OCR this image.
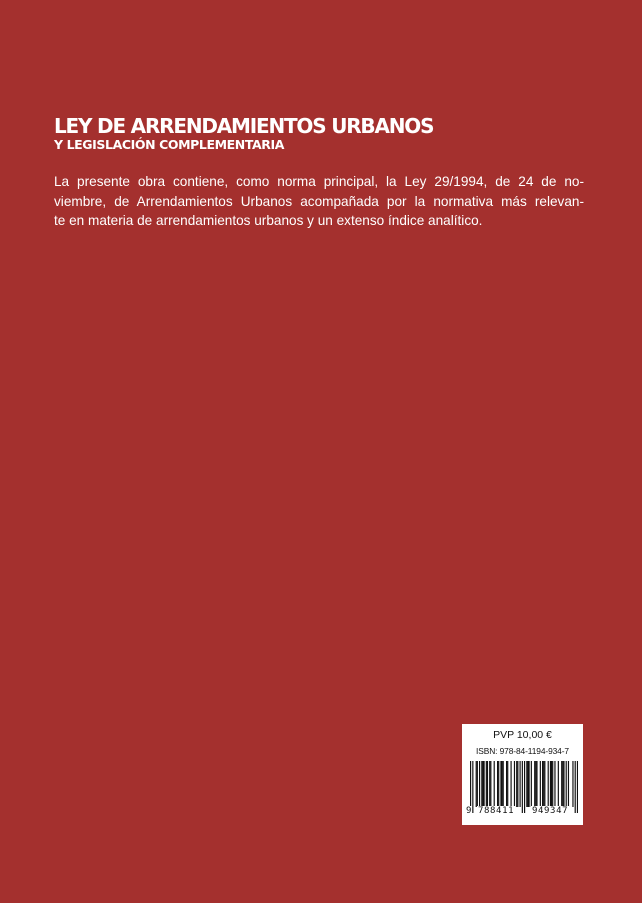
LEY DE ARRENDAMIENTOS URBANOS
Y LEGISLACIÓN COMPLEMENTARIA

La presente obra contiene, como norma principal, la Ley 29/1994, de 24 de no-
viembre, de Arrendamientos Urbanos acompañada por la normativa más relevan-
te en materia de arrendamientos urbanos y un extenso índice analítico.

PVP 10,00 €
ISBN: 978-84-1194-934-7
9 788411 949347
